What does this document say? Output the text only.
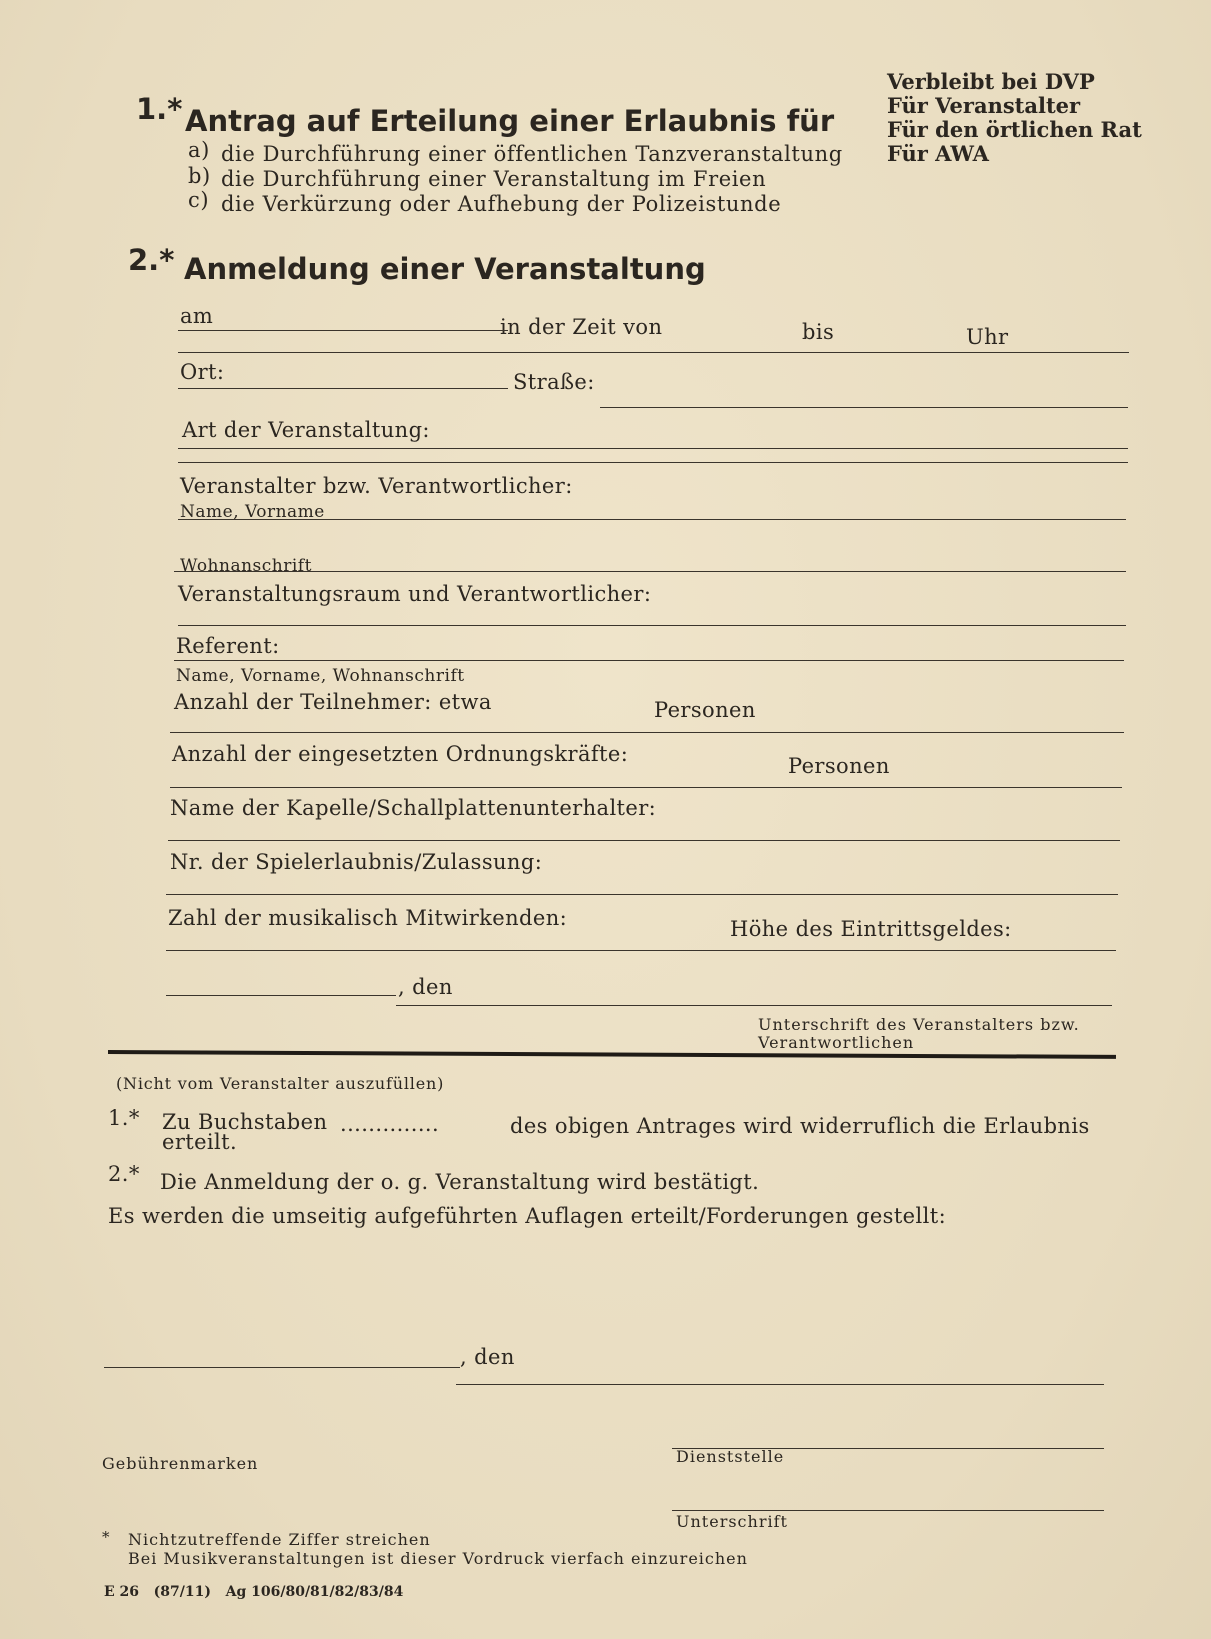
Verbleibt bei DVP
Für Veranstalter
Für den örtlichen Rat
Für AWA
1.* Antrag auf Erteilung einer Erlaubnis für
a) die Durchführung einer öffentlichen Tanzveranstaltung
b) die Durchführung einer Veranstaltung im Freien
c) die Verkürzung oder Aufhebung der Polizeistunde
2.* Anmeldung einer Veranstaltung
am	in der Zeit von	bis	Uhr
Ort:	Straße:
Art der Veranstaltung:
Veranstalter bzw. Verantwortlicher:
Name, Vorname
Wohnanschrift
Veranstaltungsraum und Verantwortlicher:
Referent:
Name, Vorname, Wohnanschrift
Anzahl der Teilnehmer: etwa	Personen
Anzahl der eingesetzten Ordnungskräfte:	Personen
Name der Kapelle/Schallplattenunterhalter:
Nr. der Spielerlaubnis/Zulassung:
Zahl der musikalisch Mitwirkenden:	Höhe des Eintrittsgeldes:
, den
Unterschrift des Veranstalters bzw.
Verantwortlichen
(Nicht vom Veranstalter auszufüllen)
1.* Zu Buchstaben ..............	des obigen Antrages wird widerruflich die Erlaubnis
erteilt.
2.* Die Anmeldung der o. g. Veranstaltung wird bestätigt.
Es werden die umseitig aufgeführten Auflagen erteilt/Forderungen gestellt:
, den
Dienststelle
Gebührenmarken
Unterschrift
* Nichtzutreffende Ziffer streichen
Bei Musikveranstaltungen ist dieser Vordruck vierfach einzureichen
E 26   (87/11)   Ag 106/80/81/82/83/84
